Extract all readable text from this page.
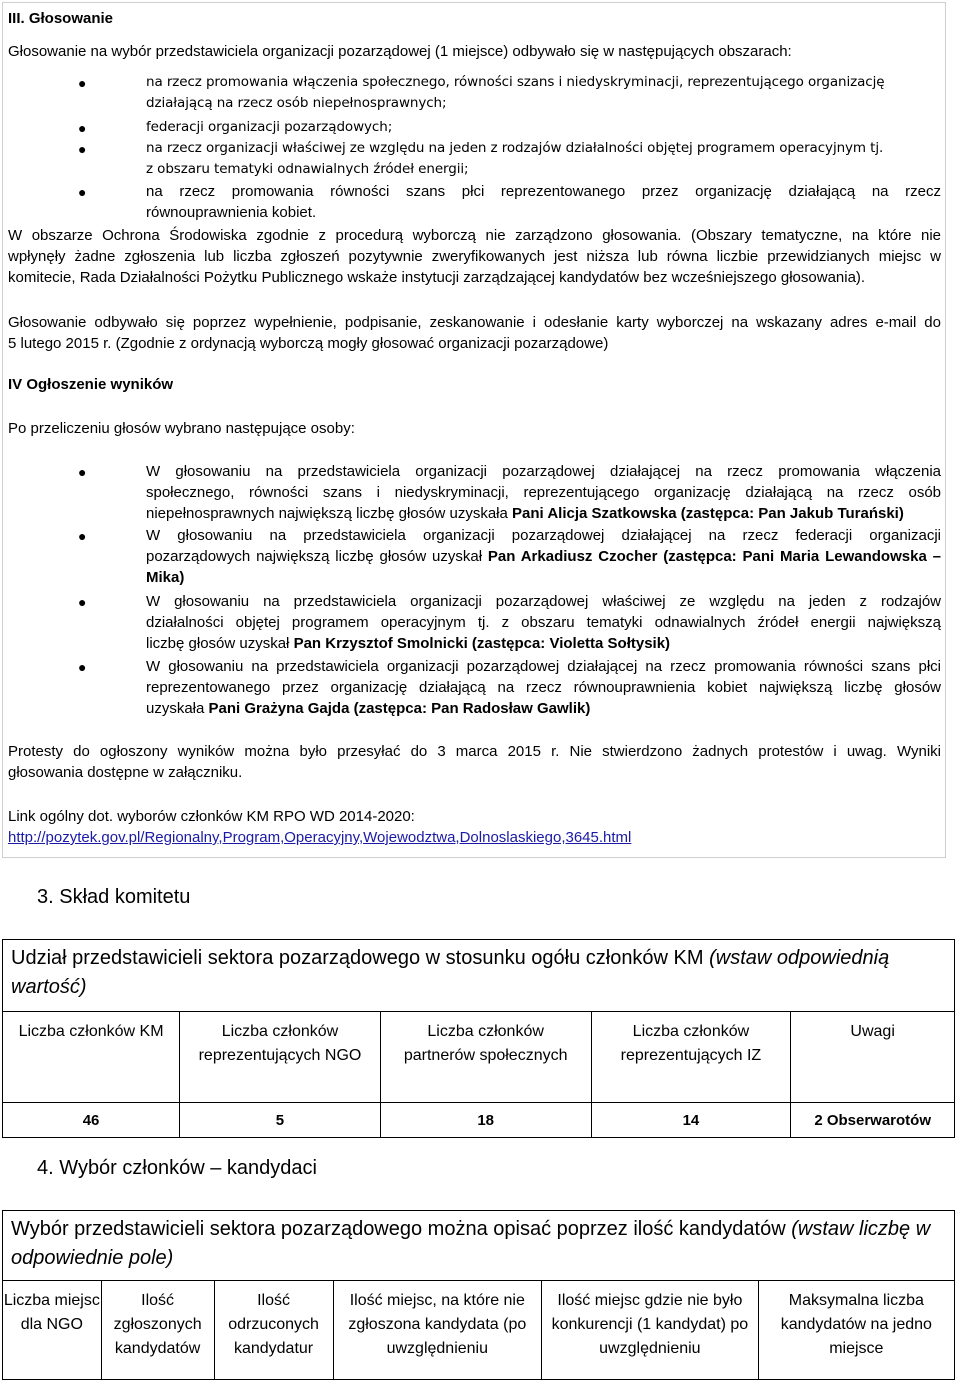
III. Głosowanie
Głosowanie na wybór przedstawiciela organizacji pozarządowej (1 miejsce) odbywało się w następujących obszarach:
●	na rzecz promowania włączenia społecznego, równości szans i niedyskryminacji, reprezentującego organizację
działającą na rzecz osób niepełnosprawnych;
●	federacji organizacji pozarządowych;
●	na rzecz organizacji właściwej ze względu na jeden z rodzajów działalności objętej programem operacyjnym tj.
z obszaru tematyki odnawialnych źródeł energii;
●	na rzecz promowania równości szans płci reprezentowanego przez organizację działającą na rzecz
równouprawnienia kobiet.
W obszarze Ochrona Środowiska zgodnie z procedurą wyborczą nie zarządzono głosowania. (Obszary tematyczne, na które nie
wpłynęły żadne zgłoszenia lub liczba zgłoszeń pozytywnie zweryfikowanych jest niższa lub równa liczbie przewidzianych miejsc w
komitecie, Rada Działalności Pożytku Publicznego wskaże instytucji zarządzającej kandydatów bez wcześniejszego głosowania).
Głosowanie odbywało się poprzez wypełnienie, podpisanie, zeskanowanie i odesłanie karty wyborczej na wskazany adres e-mail do
5 lutego 2015 r. (Zgodnie z ordynacją wyborczą mogły głosować organizacji pozarządowe)
IV Ogłoszenie wyników
Po przeliczeniu głosów wybrano następujące osoby:
●	W głosowaniu na przedstawiciela organizacji pozarządowej działającej na rzecz promowania włączenia
społecznego, równości szans i niedyskryminacji, reprezentującego organizację działającą na rzecz osób
niepełnosprawnych największą liczbę głosów uzyskała Pani Alicja Szatkowska (zastępca: Pan Jakub Turański)
●	W głosowaniu na przedstawiciela organizacji pozarządowej działającej na rzecz federacji organizacji
pozarządowych największą liczbę głosów uzyskał Pan Arkadiusz Czocher (zastępca: Pani Maria Lewandowska –
Mika)
●	W głosowaniu na przedstawiciela organizacji pozarządowej właściwej ze względu na jeden z rodzajów
działalności objętej programem operacyjnym tj. z obszaru tematyki odnawialnych źródeł energii największą
liczbę głosów uzyskał Pan Krzysztof Smolnicki (zastępca: Violetta Sołtysik)
●	W głosowaniu na przedstawiciela organizacji pozarządowej działającej na rzecz promowania równości szans płci
reprezentowanego przez organizację działającą na rzecz równouprawnienia kobiet największą liczbę głosów
uzyskała Pani Grażyna Gajda (zastępca: Pan Radosław Gawlik)
Protesty do ogłoszony wyników można było przesyłać do 3 marca 2015 r. Nie stwierdzono żadnych protestów i uwag. Wyniki
głosowania dostępne w załączniku.
Link ogólny dot. wyborów członków KM RPO WD 2014-2020:
http://pozytek.gov.pl/Regionalny,Program,Operacyjny,Wojewodztwa,Dolnoslaskiego,3645.html
3. Skład komitetu
Udział przedstawicieli sektora pozarządowego w stosunku ogółu członków KM (wstaw odpowiednią wartość)				
Liczba członków KM	Liczba członków reprezentujących NGO	Liczba członków partnerów społecznych	Liczba członków reprezentujących IZ	Uwagi
46	5	18	14	2 Obserwarotów
4. Wybór członków – kandydaci
Wybór przedstawicieli sektora pozarządowego można opisać poprzez ilość kandydatów (wstaw liczbę w odpowiednie pole)
Liczba miejsc dla NGO	Ilość zgłoszonych kandydatów	Ilość odrzuconych kandydatur	Ilość miejsc, na które nie zgłoszona kandydata (po uwzględnieniu	Ilość miejsc gdzie nie było konkurencji (1 kandydat) po uwzględnieniu	Maksymalna liczba kandydatów na jedno miejsce
